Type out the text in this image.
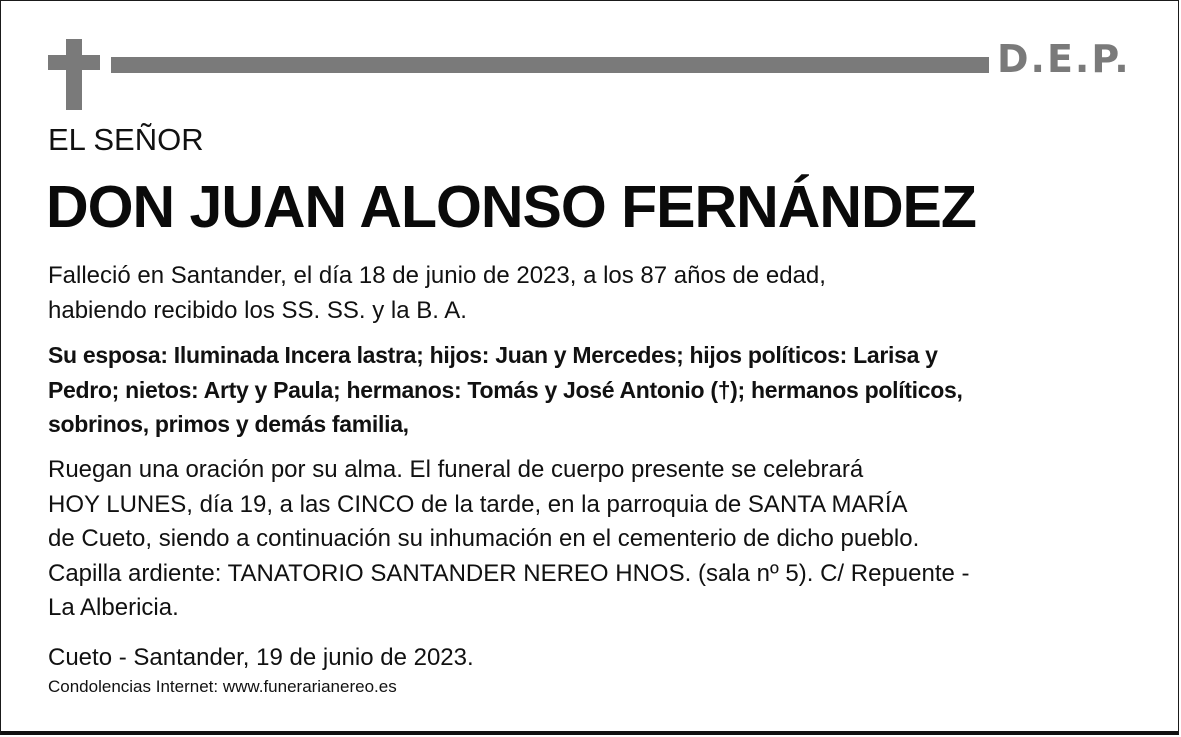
D.E.P.
EL SEÑOR
DON JUAN ALONSO FERNÁNDEZ

Falleció en Santander, el día 18 de junio de 2023, a los 87 años de edad,
habiendo recibido los SS. SS. y la B. A.

Su esposa: Iluminada Incera lastra; hijos: Juan y Mercedes; hijos políticos: Larisa y
Pedro; nietos: Arty y Paula; hermanos: Tomás y José Antonio (†); hermanos políticos,
sobrinos, primos y demás familia,

Ruegan una oración por su alma. El funeral de cuerpo presente se celebrará
HOY LUNES, día 19, a las CINCO de la tarde, en la parroquia de SANTA MARÍA
de Cueto, siendo a continuación su inhumación en el cementerio de dicho pueblo.
Capilla ardiente: TANATORIO SANTANDER NEREO HNOS. (sala nº 5). C/ Repuente -
La Albericia.

Cueto - Santander, 19 de junio de 2023.
Condolencias Internet: www.funerarianereo.es
